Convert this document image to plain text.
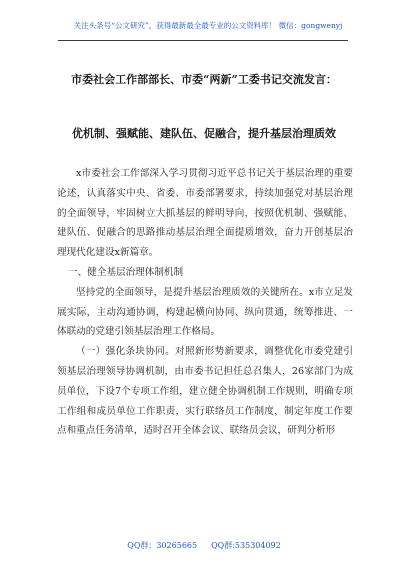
关注头条号“公文研究”，获得最新最全最专业的公文资料库！ 微信：gongwenyj
市委社会工作部部长、市委“两新”工委书记交流发言：
优机制、强赋能、建队伍、促融合，提升基层治理质效

x市委社会工作部深入学习贯彻习近平总书记关于基层治理的重要论述，认真落实中央、省委、市委部署要求，持续加强党对基层治理的全面领导，牢固树立大抓基层的鲜明导向，按照优机制、强赋能、建队伍、促融合的思路推动基层治理全面提质增效，奋力开创基层治理现代化建设x新篇章。

一、健全基层治理体制机制

坚持党的全面领导，是提升基层治理质效的关键所在。x市立足发展实际，主动沟通协调，构建起横向协同、纵向贯通，统筹推进、一体联动的党建引领基层治理工作格局。

（一）强化条块协同。对照新形势新要求，调整优化市委党建引领基层治理领导协调机制，由市委书记担任总召集人，26家部门为成员单位，下设7个专项工作组，建立健全协调机制工作规则，明确专项工作组和成员单位工作职责，实行联络员工作制度，制定年度工作要点和重点任务清单，适时召开全体会议、联络员会议，研判分析形

QQ群：30265665 QQ群:535304092
